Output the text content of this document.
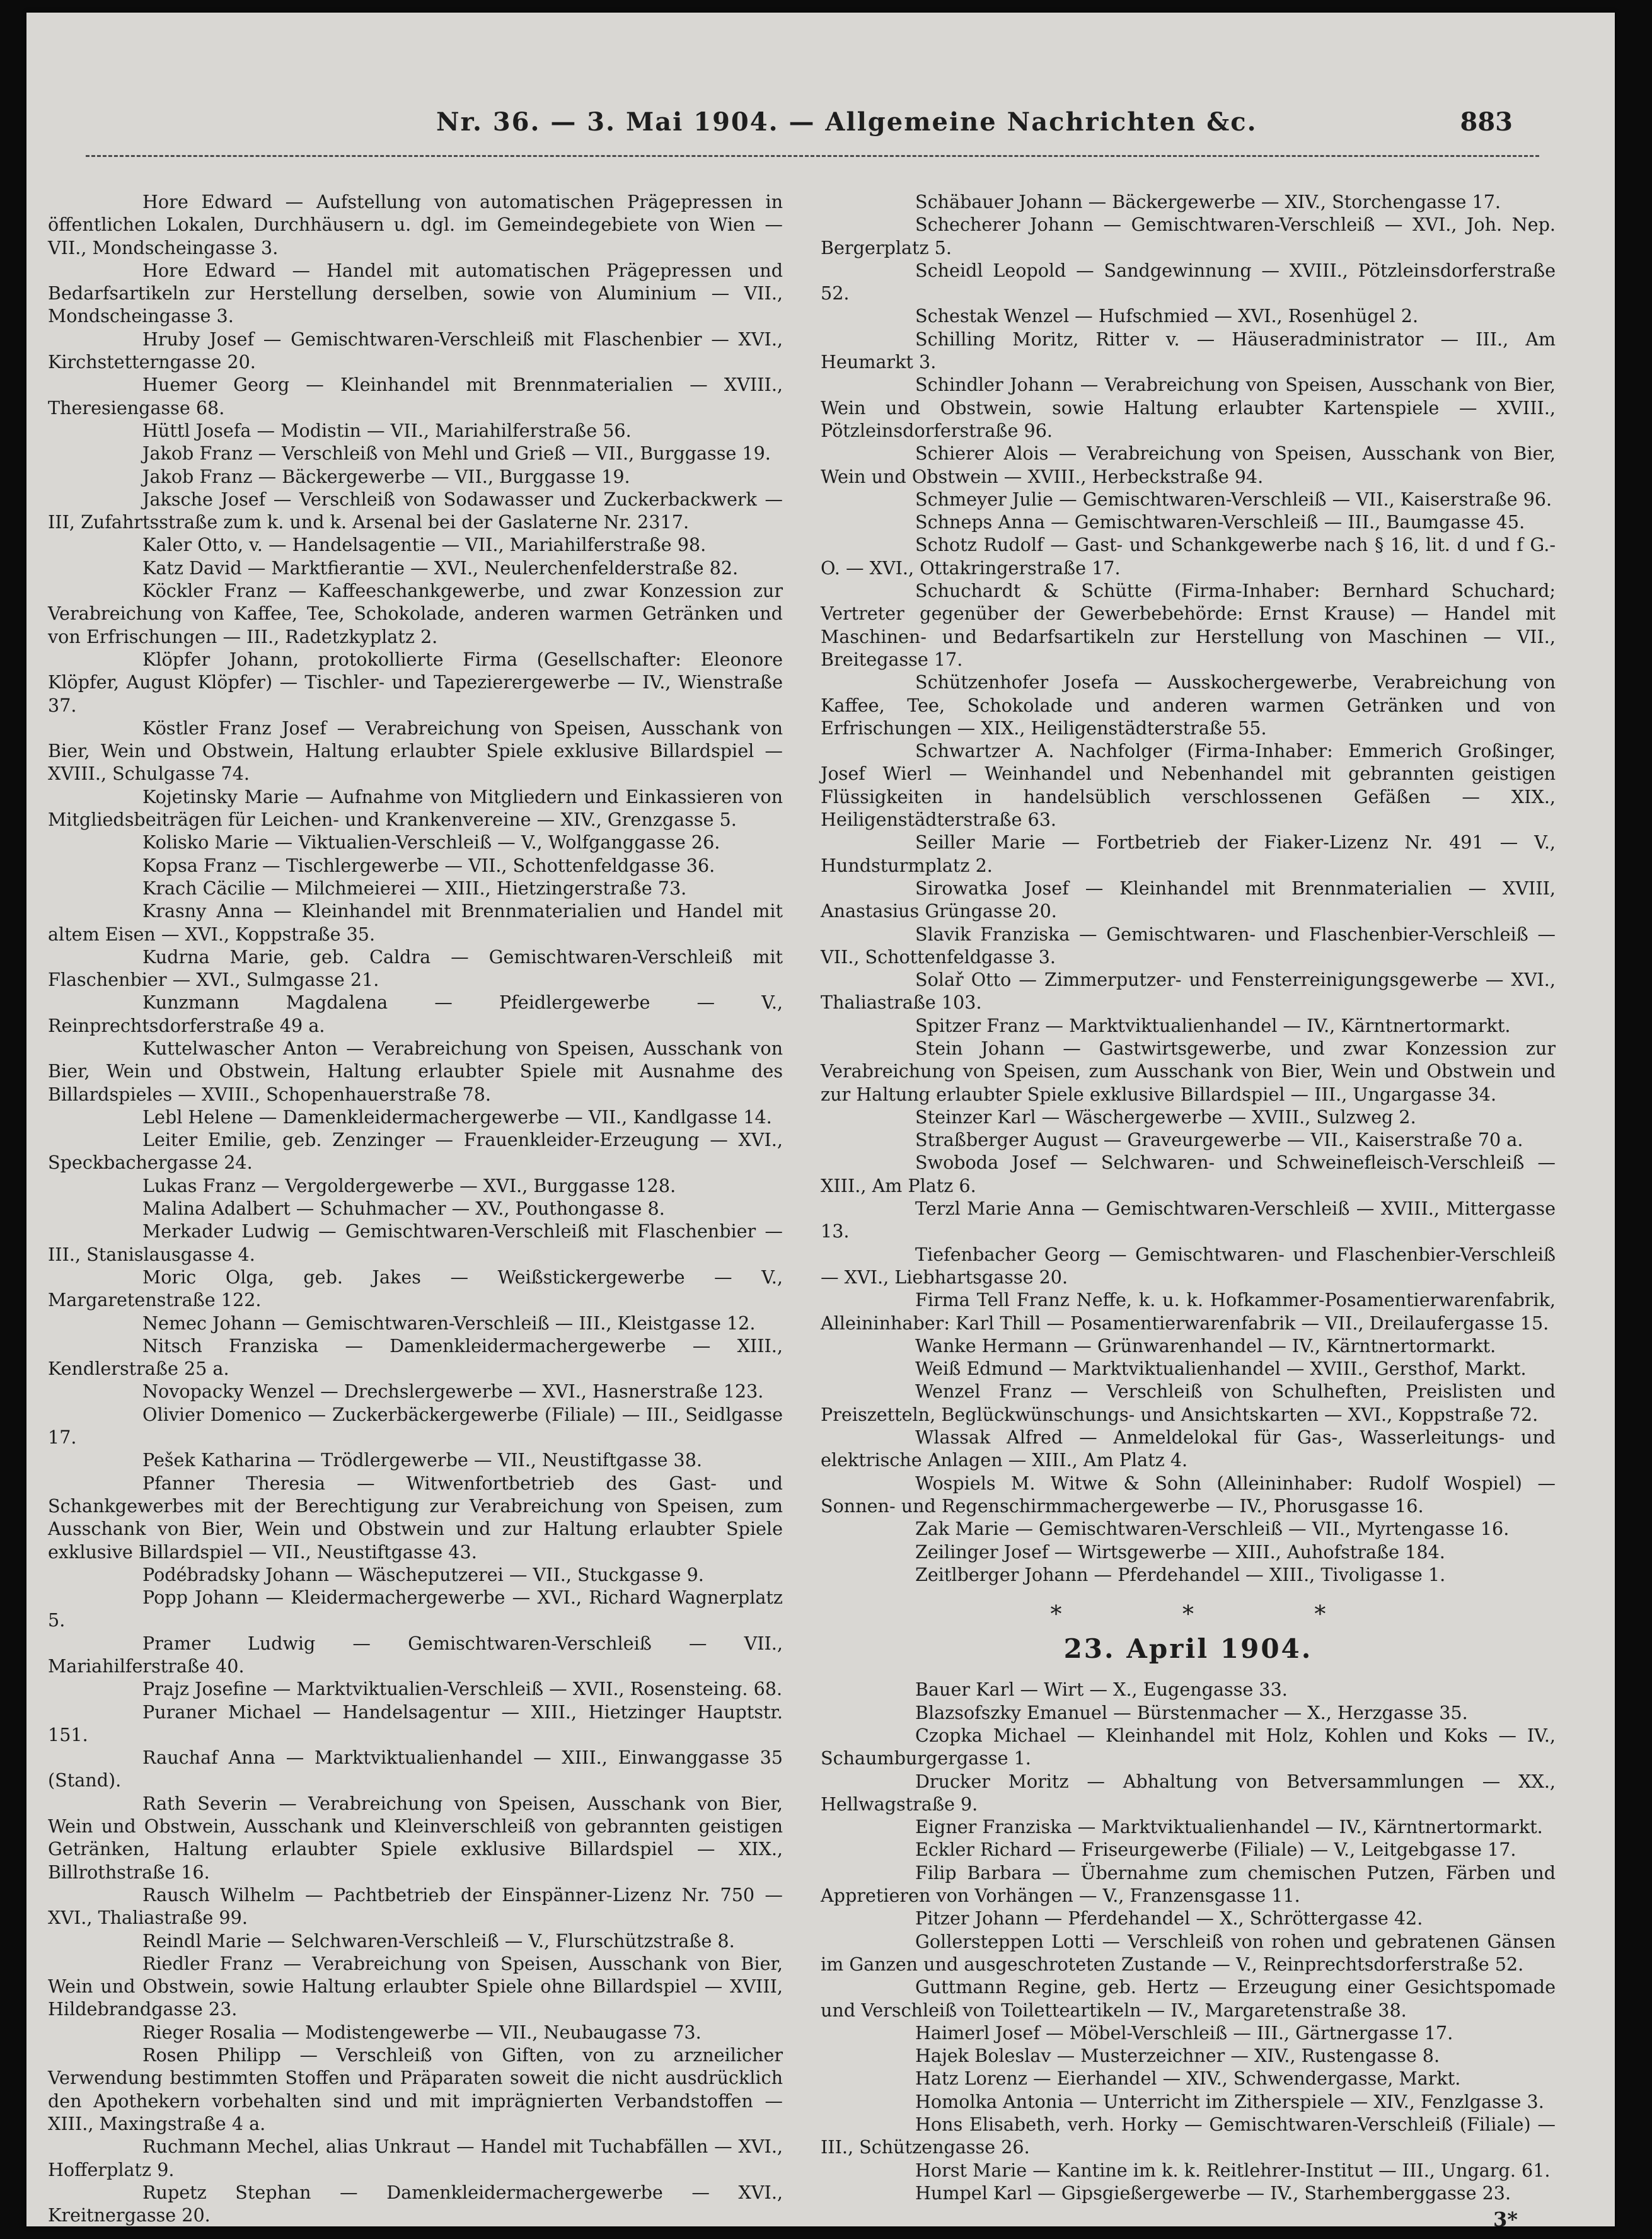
Nr. 36. — 3. Mai 1904. — Allgemeine Nachrichten &c.	883

Hore Edward — Aufstellung von automatischen Prägepressen in öffentlichen Lokalen, Durchhäusern u. dgl. im Gemeindegebiete von Wien — VII., Mondscheingasse 3.

Hore Edward — Handel mit automatischen Prägepressen und Bedarfsartikeln zur Herstellung derselben, sowie von Aluminium — VII., Mondscheingasse 3.

Hruby Josef — Gemischtwaren-Verschleiß mit Flaschenbier — XVI., Kirchstetterngasse 20.

Huemer Georg — Kleinhandel mit Brennmaterialien — XVIII., Theresiengasse 68.

Hüttl Josefa — Modistin — VII., Mariahilferstraße 56.

Jakob Franz — Verschleiß von Mehl und Grieß — VII., Burggasse 19.

Jakob Franz — Bäckergewerbe — VII., Burggasse 19.

Jaksche Josef — Verschleiß von Sodawasser und Zuckerbackwerk — III, Zufahrtsstraße zum k. und k. Arsenal bei der Gaslaterne Nr. 2317.

Kaler Otto, v. — Handelsagentie — VII., Mariahilferstraße 98.

Katz David — Marktfierantie — XVI., Neulerchenfelderstraße 82.

Köckler Franz — Kaffeeschankgewerbe, und zwar Konzession zur Verabreichung von Kaffee, Tee, Schokolade, anderen warmen Getränken und von Erfrischungen — III., Radetzkyplatz 2.

Klöpfer Johann, protokollierte Firma (Gesellschafter: Eleonore Klöpfer, August Klöpfer) — Tischler- und Tapezierergewerbe — IV., Wienstraße 37.

Köstler Franz Josef — Verabreichung von Speisen, Ausschank von Bier, Wein und Obstwein, Haltung erlaubter Spiele exklusive Billardspiel — XVIII., Schulgasse 74.

Kojetinsky Marie — Aufnahme von Mitgliedern und Einkassieren von Mitgliedsbeiträgen für Leichen- und Krankenvereine — XIV., Grenzgasse 5.

Kolisko Marie — Viktualien-Verschleiß — V., Wolfganggasse 26.

Kopsa Franz — Tischlergewerbe — VII., Schottenfeldgasse 36.

Krach Cäcilie — Milchmeierei — XIII., Hietzingerstraße 73.

Krasny Anna — Kleinhandel mit Brennmaterialien und Handel mit altem Eisen — XVI., Koppstraße 35.

Kudrna Marie, geb. Caldra — Gemischtwaren-Verschleiß mit Flaschenbier — XVI., Sulmgasse 21.

Kunzmann Magdalena — Pfeidlergewerbe — V., Reinprechtsdorferstraße 49 a.

Kuttelwascher Anton — Verabreichung von Speisen, Ausschank von Bier, Wein und Obstwein, Haltung erlaubter Spiele mit Ausnahme des Billardspieles — XVIII., Schopenhauerstraße 78.

Lebl Helene — Damenkleidermachergewerbe — VII., Kandlgasse 14.

Leiter Emilie, geb. Zenzinger — Frauenkleider-Erzeugung — XVI., Speckbachergasse 24.

Lukas Franz — Vergoldergewerbe — XVI., Burggasse 128.

Malina Adalbert — Schuhmacher — XV., Pouthongasse 8.

Merkader Ludwig — Gemischtwaren-Verschleiß mit Flaschenbier — III., Stanislausgasse 4.

Moric Olga, geb. Jakes — Weißstickergewerbe — V., Margaretenstraße 122.

Nemec Johann — Gemischtwaren-Verschleiß — III., Kleistgasse 12.

Nitsch Franziska — Damenkleidermachergewerbe — XIII., Kendlerstraße 25 a.

Novopacky Wenzel — Drechslergewerbe — XVI., Hasnerstraße 123.

Olivier Domenico — Zuckerbäckergewerbe (Filiale) — III., Seidlgasse 17.

Pešek Katharina — Trödlergewerbe — VII., Neustiftgasse 38.

Pfanner Theresia — Witwenfortbetrieb des Gast- und Schankgewerbes mit der Berechtigung zur Verabreichung von Speisen, zum Ausschank von Bier, Wein und Obstwein und zur Haltung erlaubter Spiele exklusive Billardspiel — VII., Neustiftgasse 43.

Podébradsky Johann — Wäscheputzerei — VII., Stuckgasse 9.

Popp Johann — Kleidermachergewerbe — XVI., Richard Wagnerplatz 5.

Pramer Ludwig — Gemischtwaren-Verschleiß — VII., Mariahilferstraße 40.

Prajz Josefine — Marktviktualien-Verschleiß — XVII., Rosensteing. 68.

Puraner Michael — Handelsagentur — XIII., Hietzinger Hauptstr. 151.

Rauchaf Anna — Marktviktualienhandel — XIII., Einwanggasse 35 (Stand).

Rath Severin — Verabreichung von Speisen, Ausschank von Bier, Wein und Obstwein, Ausschank und Kleinverschleiß von gebrannten geistigen Getränken, Haltung erlaubter Spiele exklusive Billardspiel — XIX., Billrothstraße 16.

Rausch Wilhelm — Pachtbetrieb der Einspänner-Lizenz Nr. 750 — XVI., Thaliastraße 99.

Reindl Marie — Selchwaren-Verschleiß — V., Flurschützstraße 8.

Riedler Franz — Verabreichung von Speisen, Ausschank von Bier, Wein und Obstwein, sowie Haltung erlaubter Spiele ohne Billardspiel — XVIII, Hildebrandgasse 23.

Rieger Rosalia — Modistengewerbe — VII., Neubaugasse 73.

Rosen Philipp — Verschleiß von Giften, von zu arzneilicher Verwendung bestimmten Stoffen und Präparaten soweit die nicht ausdrücklich den Apothekern vorbehalten sind und mit imprägnierten Verbandstoffen — XIII., Maxingstraße 4 a.

Ruchmann Mechel, alias Unkraut — Handel mit Tuchabfällen — XVI., Hofferplatz 9.

Rupetz Stephan — Damenkleidermachergewerbe — XVI., Kreitnergasse 20.

Schäbauer Johann — Bäckergewerbe — XIV., Storchengasse 17.

Schecherer Johann — Gemischtwaren-Verschleiß — XVI., Joh. Nep. Bergerplatz 5.

Scheidl Leopold — Sandgewinnung — XVIII., Pötzleinsdorferstraße 52.

Schestak Wenzel — Hufschmied — XVI., Rosenhügel 2.

Schilling Moritz, Ritter v. — Häuseradministrator — III., Am Heumarkt 3.

Schindler Johann — Verabreichung von Speisen, Ausschank von Bier, Wein und Obstwein, sowie Haltung erlaubter Kartenspiele — XVIII., Pötzleinsdorferstraße 96.

Schierer Alois — Verabreichung von Speisen, Ausschank von Bier, Wein und Obstwein — XVIII., Herbeckstraße 94.

Schmeyer Julie — Gemischtwaren-Verschleiß — VII., Kaiserstraße 96.

Schneps Anna — Gemischtwaren-Verschleiß — III., Baumgasse 45.

Schotz Rudolf — Gast- und Schankgewerbe nach § 16, lit. d und f G.-O. — XVI., Ottakringerstraße 17.

Schuchardt & Schütte (Firma-Inhaber: Bernhard Schuchard; Vertreter gegenüber der Gewerbebehörde: Ernst Krause) — Handel mit Maschinen- und Bedarfsartikeln zur Herstellung von Maschinen — VII., Breitegasse 17.

Schützenhofer Josefa — Ausskochergewerbe, Verabreichung von Kaffee, Tee, Schokolade und anderen warmen Getränken und von Erfrischungen — XIX., Heiligenstädterstraße 55.

Schwartzer A. Nachfolger (Firma-Inhaber: Emmerich Großinger, Josef Wierl — Weinhandel und Nebenhandel mit gebrannten geistigen Flüssigkeiten in handelsüblich verschlossenen Gefäßen — XIX., Heiligenstädterstraße 63.

Seiller Marie — Fortbetrieb der Fiaker-Lizenz Nr. 491 — V., Hundsturmplatz 2.

Sirowatka Josef — Kleinhandel mit Brennmaterialien — XVIII, Anastasius Grüngasse 20.

Slavik Franziska — Gemischtwaren- und Flaschenbier-Verschleiß — VII., Schottenfeldgasse 3.

Solař Otto — Zimmerputzer- und Fensterreinigungsgewerbe — XVI., Thaliastraße 103.

Spitzer Franz — Marktviktualienhandel — IV., Kärntnertormarkt.

Stein Johann — Gastwirtsgewerbe, und zwar Konzession zur Verabreichung von Speisen, zum Ausschank von Bier, Wein und Obstwein und zur Haltung erlaubter Spiele exklusive Billardspiel — III., Ungargasse 34.

Steinzer Karl — Wäschergewerbe — XVIII., Sulzweg 2.

Straßberger August — Graveurgewerbe — VII., Kaiserstraße 70 a.

Swoboda Josef — Selchwaren- und Schweinefleisch-Verschleiß — XIII., Am Platz 6.

Terzl Marie Anna — Gemischtwaren-Verschleiß — XVIII., Mittergasse 13.

Tiefenbacher Georg — Gemischtwaren- und Flaschenbier-Verschleiß — XVI., Liebhartsgasse 20.

Firma Tell Franz Neffe, k. u. k. Hofkammer-Posamentierwarenfabrik, Alleininhaber: Karl Thill — Posamentierwarenfabrik — VII., Dreilaufergasse 15.

Wanke Hermann — Grünwarenhandel — IV., Kärntnertormarkt.

Weiß Edmund — Marktviktualienhandel — XVIII., Gersthof, Markt.

Wenzel Franz — Verschleiß von Schulheften, Preislisten und Preiszetteln, Beglückwünschungs- und Ansichtskarten — XVI., Koppstraße 72.

Wlassak Alfred — Anmeldelokal für Gas-, Wasserleitungs- und elektrische Anlagen — XIII., Am Platz 4.

Wospiels M. Witwe & Sohn (Alleininhaber: Rudolf Wospiel) — Sonnen- und Regenschirmmachergewerbe — IV., Phorusgasse 16.

Zak Marie — Gemischtwaren-Verschleiß — VII., Myrtengasse 16.

Zeilinger Josef — Wirtsgewerbe — XIII., Auhofstraße 184.

Zeitlberger Johann — Pferdehandel — XIII., Tivoligasse 1.

* * *
23. April 1904.

Bauer Karl — Wirt — X., Eugengasse 33.

Blazsofszky Emanuel — Bürstenmacher — X., Herzgasse 35.

Czopka Michael — Kleinhandel mit Holz, Kohlen und Koks — IV., Schaumburgergasse 1.

Drucker Moritz — Abhaltung von Betversammlungen — XX., Hellwagstraße 9.

Eigner Franziska — Marktviktualienhandel — IV., Kärntnertormarkt.

Eckler Richard — Friseurgewerbe (Filiale) — V., Leitgebgasse 17.

Filip Barbara — Übernahme zum chemischen Putzen, Färben und Appretieren von Vorhängen — V., Franzensgasse 11.

Pitzer Johann — Pferdehandel — X., Schröttergasse 42.

Gollersteppen Lotti — Verschleiß von rohen und gebratenen Gänsen im Ganzen und ausgeschroteten Zustande — V., Reinprechtsdorferstraße 52.

Guttmann Regine, geb. Hertz — Erzeugung einer Gesichtspomade und Verschleiß von Toiletteartikeln — IV., Margaretenstraße 38.

Haimerl Josef — Möbel-Verschleiß — III., Gärtnergasse 17.

Hajek Boleslav — Musterzeichner — XIV., Rustengasse 8.

Hatz Lorenz — Eierhandel — XIV., Schwendergasse, Markt.

Homolka Antonia — Unterricht im Zitherspiele — XIV., Fenzlgasse 3.

Hons Elisabeth, verh. Horky — Gemischtwaren-Verschleiß (Filiale) — III., Schützengasse 26.

Horst Marie — Kantine im k. k. Reitlehrer-Institut — III., Ungarg. 61.

Humpel Karl — Gipsgießergewerbe — IV., Starhemberggasse 23.

3*
